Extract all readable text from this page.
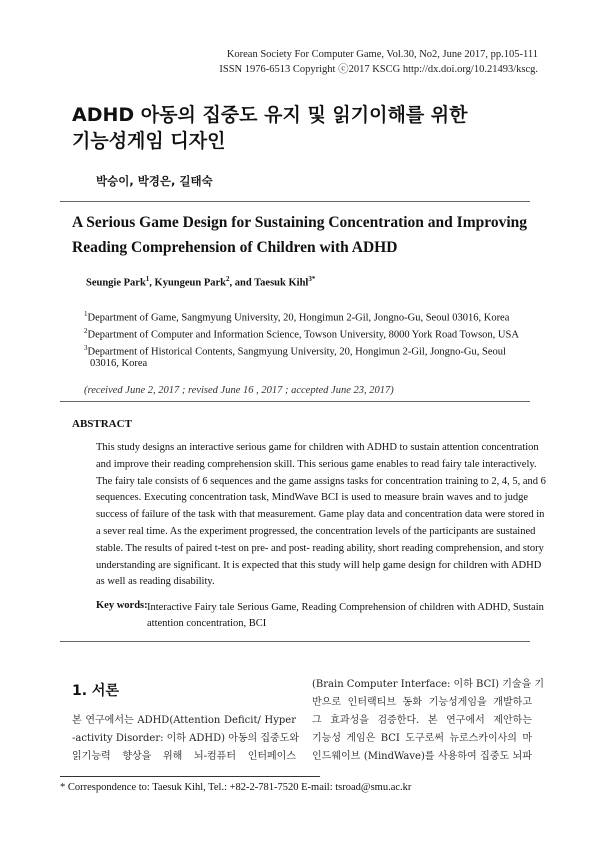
Korean Society For Computer Game, Vol.30, No2, June 2017, pp.105-111
ISSN 1976-6513 Copyright ⓒ2017 KSCG http://dx.doi.org/10.21493/kscg.
ADHD 아동의 집중도 유지 및 읽기이해를 위한
기능성게임 디자인
박승이, 박경은, 길태숙
A Serious Game Design for Sustaining Concentration and Improving
Reading Comprehension of Children with ADHD
Seungie Park$^1$, Kyungeun Park$^2$, and Taesuk Kihl$^{3*}$
$^1$Department of Game, Sangmyung University, 20, Hongimun 2-Gil, Jongno-Gu, Seoul 03016, Korea
$^2$Department of Computer and Information Science, Towson University, 8000 York Road Towson, USA
$^3$Department of Historical Contents, Sangmyung University, 20, Hongimun 2-Gil, Jongno-Gu, Seoul
03016, Korea
(received June 2, 2017 ; revised June 16 , 2017 ; accepted June 23, 2017)
ABSTRACT
This study designs an interactive serious game for children with ADHD to sustain attention concentration
and improve their reading comprehension skill. This serious game enables to read fairy tale interactively.
The fairy tale consists of 6 sequences and the game assigns tasks for concentration training to 2, 4, 5, and 6
sequences. Executing concentration task, MindWave BCI is used to measure brain waves and to judge
success of failure of the task with that measurement. Game play data and concentration data were stored in
a sever real time. As the experiment progressed, the concentration levels of the participants are sustained
stable. The results of paired t-test on pre- and post- reading ability, short reading comprehension, and story
understanding are significant. It is expected that this study will help game design for children with ADHD
as well as reading disability.
Key words: Interactive Fairy tale Serious Game, Reading Comprehension of children with ADHD, Sustain
attention concentration, BCI
1. 서론
본 연구에서는 ADHD(Attention Deficit/ Hyper
-activity Disorder: 이하 ADHD) 아동의 집중도와
읽기능력 향상을 위해 뇌-컴퓨터 인터페이스
(Brain Computer Interface: 이하 BCI) 기술을 기
반으로 인터랙티브 동화 기능성게임을 개발하고
그 효과성을 검증한다. 본 연구에서 제안하는
기능성 게임은 BCI 도구로써 뉴로스카이사의 마
인드웨이브 (MindWave)를 사용하여 집중도 뇌파
* Correspondence to: Taesuk Kihl, Tel.: +82-2-781-7520 E-mail: tsroad@smu.ac.kr
